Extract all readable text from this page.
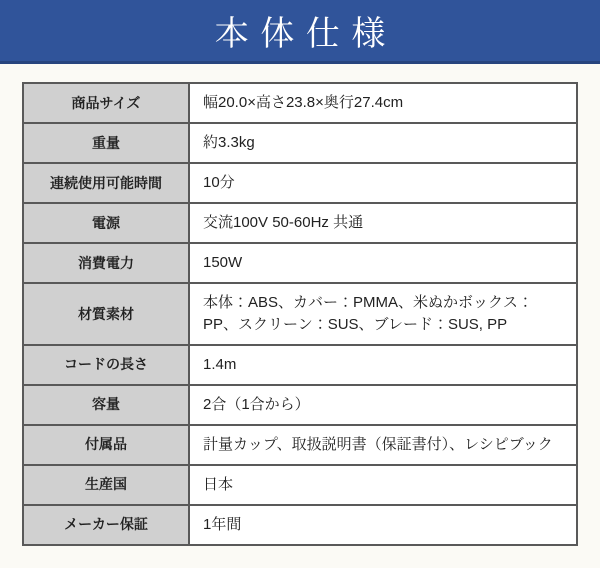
本体仕様
商品サイズ	幅20.0×高さ23.8×奥行27.4cm
重量	約3.3kg
連続使用可能時間	10分
電源	交流100V 50-60Hz 共通
消費電力	150W
材質素材	本体：ABS、カバー：PMMA、米ぬかボックス：PP、スクリーン：SUS、ブレード：SUS, PP
コードの長さ	1.4m
容量	2合（1合から）
付属品	計量カップ、取扱説明書（保証書付）、レシピブック
生産国	日本
メーカー保証	1年間
